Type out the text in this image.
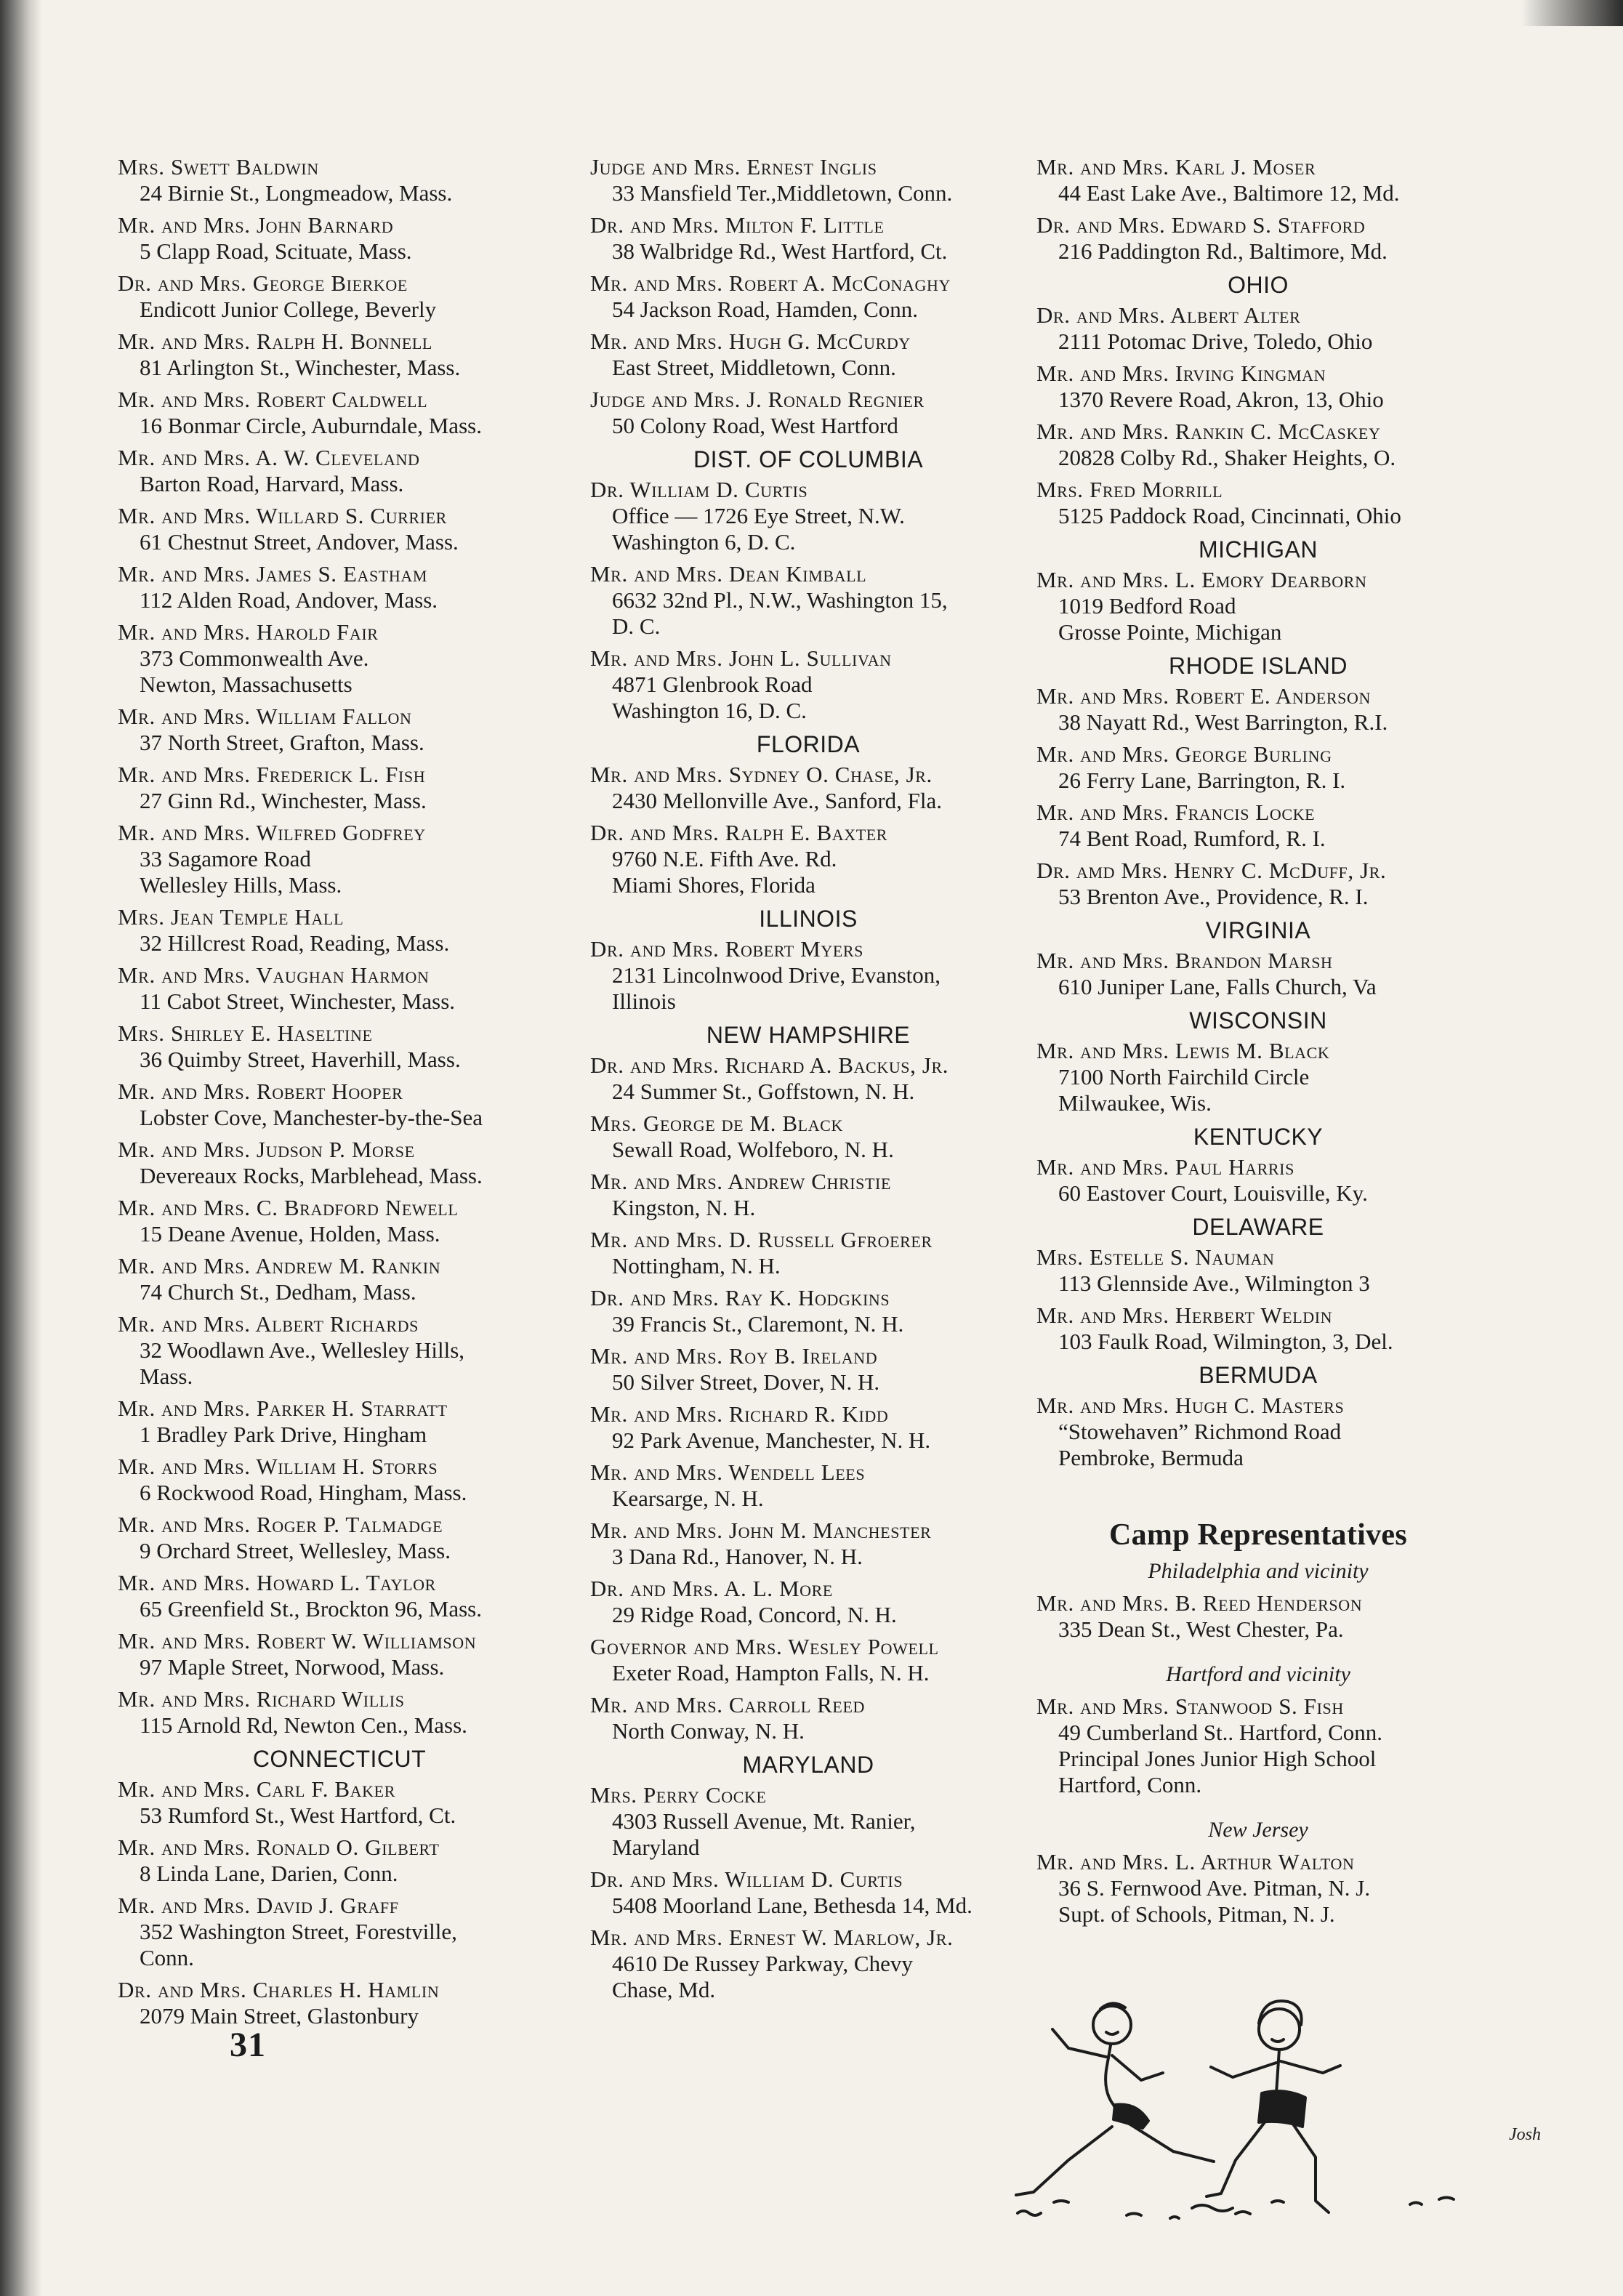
Mrs. Swett Baldwin
24 Birnie St., Longmeadow, Mass.
Mr. and Mrs. John Barnard
5 Clapp Road, Scituate, Mass.
Dr. and Mrs. George Bierkoe
Endicott Junior College, Beverly
Mr. and Mrs. Ralph H. Bonnell
81 Arlington St., Winchester, Mass.
Mr. and Mrs. Robert Caldwell
16 Bonmar Circle, Auburndale, Mass.
Mr. and Mrs. A. W. Cleveland
Barton Road, Harvard, Mass.
Mr. and Mrs. Willard S. Currier
61 Chestnut Street, Andover, Mass.
Mr. and Mrs. James S. Eastham
112 Alden Road, Andover, Mass.
Mr. and Mrs. Harold Fair
373 Commonwealth Ave.
Newton, Massachusetts
Mr. and Mrs. William Fallon
37 North Street, Grafton, Mass.
Mr. and Mrs. Frederick L. Fish
27 Ginn Rd., Winchester, Mass.
Mr. and Mrs. Wilfred Godfrey
33 Sagamore Road
Wellesley Hills, Mass.
Mrs. Jean Temple Hall
32 Hillcrest Road, Reading, Mass.
Mr. and Mrs. Vaughan Harmon
11 Cabot Street, Winchester, Mass.
Mrs. Shirley E. Haseltine
36 Quimby Street, Haverhill, Mass.
Mr. and Mrs. Robert Hooper
Lobster Cove, Manchester-by-the-Sea
Mr. and Mrs. Judson P. Morse
Devereaux Rocks, Marblehead, Mass.
Mr. and Mrs. C. Bradford Newell
15 Deane Avenue, Holden, Mass.
Mr. and Mrs. Andrew M. Rankin
74 Church St., Dedham, Mass.
Mr. and Mrs. Albert Richards
32 Woodlawn Ave., Wellesley Hills,
Mass.
Mr. and Mrs. Parker H. Starratt
1 Bradley Park Drive, Hingham
Mr. and Mrs. William H. Storrs
6 Rockwood Road, Hingham, Mass.
Mr. and Mrs. Roger P. Talmadge
9 Orchard Street, Wellesley, Mass.
Mr. and Mrs. Howard L. Taylor
65 Greenfield St., Brockton 96, Mass.
Mr. and Mrs. Robert W. Williamson
97 Maple Street, Norwood, Mass.
Mr. and Mrs. Richard Willis
115 Arnold Rd, Newton Cen., Mass.
CONNECTICUT
Mr. and Mrs. Carl F. Baker
53 Rumford St., West Hartford, Ct.
Mr. and Mrs. Ronald O. Gilbert
8 Linda Lane, Darien, Conn.
Mr. and Mrs. David J. Graff
352 Washington Street, Forestville,
Conn.
Dr. and Mrs. Charles H. Hamlin
2079 Main Street, Glastonbury
Judge and Mrs. Ernest Inglis
33 Mansfield Ter.,Middletown, Conn.
Dr. and Mrs. Milton F. Little
38 Walbridge Rd., West Hartford, Ct.
Mr. and Mrs. Robert A. McConaghy
54 Jackson Road, Hamden, Conn.
Mr. and Mrs. Hugh G. McCurdy
East Street, Middletown, Conn.
Judge and Mrs. J. Ronald Regnier
50 Colony Road, West Hartford
DIST. OF COLUMBIA
Dr. William D. Curtis
Office — 1726 Eye Street, N.W.
Washington 6, D. C.
Mr. and Mrs. Dean Kimball
6632 32nd Pl., N.W., Washington 15,
D. C.
Mr. and Mrs. John L. Sullivan
4871 Glenbrook Road
Washington 16, D. C.
FLORIDA
Mr. and Mrs. Sydney O. Chase, Jr.
2430 Mellonville Ave., Sanford, Fla.
Dr. and Mrs. Ralph E. Baxter
9760 N.E. Fifth Ave. Rd.
Miami Shores, Florida
ILLINOIS
Dr. and Mrs. Robert Myers
2131 Lincolnwood Drive, Evanston,
Illinois
NEW HAMPSHIRE
Dr. and Mrs. Richard A. Backus, Jr.
24 Summer St., Goffstown, N. H.
Mrs. George de M. Black
Sewall Road, Wolfeboro, N. H.
Mr. and Mrs. Andrew Christie
Kingston, N. H.
Mr. and Mrs. D. Russell Gfroerer
Nottingham, N. H.
Dr. and Mrs. Ray K. Hodgkins
39 Francis St., Claremont, N. H.
Mr. and Mrs. Roy B. Ireland
50 Silver Street, Dover, N. H.
Mr. and Mrs. Richard R. Kidd
92 Park Avenue, Manchester, N. H.
Mr. and Mrs. Wendell Lees
Kearsarge, N. H.
Mr. and Mrs. John M. Manchester
3 Dana Rd., Hanover, N. H.
Dr. and Mrs. A. L. More
29 Ridge Road, Concord, N. H.
Governor and Mrs. Wesley Powell
Exeter Road, Hampton Falls, N. H.
Mr. and Mrs. Carroll Reed
North Conway, N. H.
MARYLAND
Mrs. Perry Cocke
4303 Russell Avenue, Mt. Ranier,
Maryland
Dr. and Mrs. William D. Curtis
5408 Moorland Lane, Bethesda 14, Md.
Mr. and Mrs. Ernest W. Marlow, Jr.
4610 De Russey Parkway, Chevy
Chase, Md.
Mr. and Mrs. Karl J. Moser
44 East Lake Ave., Baltimore 12, Md.
Dr. and Mrs. Edward S. Stafford
216 Paddington Rd., Baltimore, Md.
OHIO
Dr. and Mrs. Albert Alter
2111 Potomac Drive, Toledo, Ohio
Mr. and Mrs. Irving Kingman
1370 Revere Road, Akron, 13, Ohio
Mr. and Mrs. Rankin C. McCaskey
20828 Colby Rd., Shaker Heights, O.
Mrs. Fred Morrill
5125 Paddock Road, Cincinnati, Ohio
MICHIGAN
Mr. and Mrs. L. Emory Dearborn
1019 Bedford Road
Grosse Pointe, Michigan
RHODE ISLAND
Mr. and Mrs. Robert E. Anderson
38 Nayatt Rd., West Barrington, R.I.
Mr. and Mrs. George Burling
26 Ferry Lane, Barrington, R. I.
Mr. and Mrs. Francis Locke
74 Bent Road, Rumford, R. I.
Dr. amd Mrs. Henry C. McDuff, Jr.
53 Brenton Ave., Providence, R. I.
VIRGINIA
Mr. and Mrs. Brandon Marsh
610 Juniper Lane, Falls Church, Va
WISCONSIN
Mr. and Mrs. Lewis M. Black
7100 North Fairchild Circle
Milwaukee, Wis.
KENTUCKY
Mr. and Mrs. Paul Harris
60 Eastover Court, Louisville, Ky.
DELAWARE
Mrs. Estelle S. Nauman
113 Glennside Ave., Wilmington 3
Mr. and Mrs. Herbert Weldin
103 Faulk Road, Wilmington, 3, Del.
BERMUDA
Mr. and Mrs. Hugh C. Masters
“Stowehaven” Richmond Road
Pembroke, Bermuda
Camp Representatives
Philadelphia and vicinity
Mr. and Mrs. B. Reed Henderson
335 Dean St., West Chester, Pa.
Hartford and vicinity
Mr. and Mrs. Stanwood S. Fish
49 Cumberland St.. Hartford, Conn.
Principal Jones Junior High School
Hartford, Conn.
New Jersey
Mr. and Mrs. L. Arthur Walton
36 S. Fernwood Ave. Pitman, N. J.
Supt. of Schools, Pitman, N. J.
31
Josh
